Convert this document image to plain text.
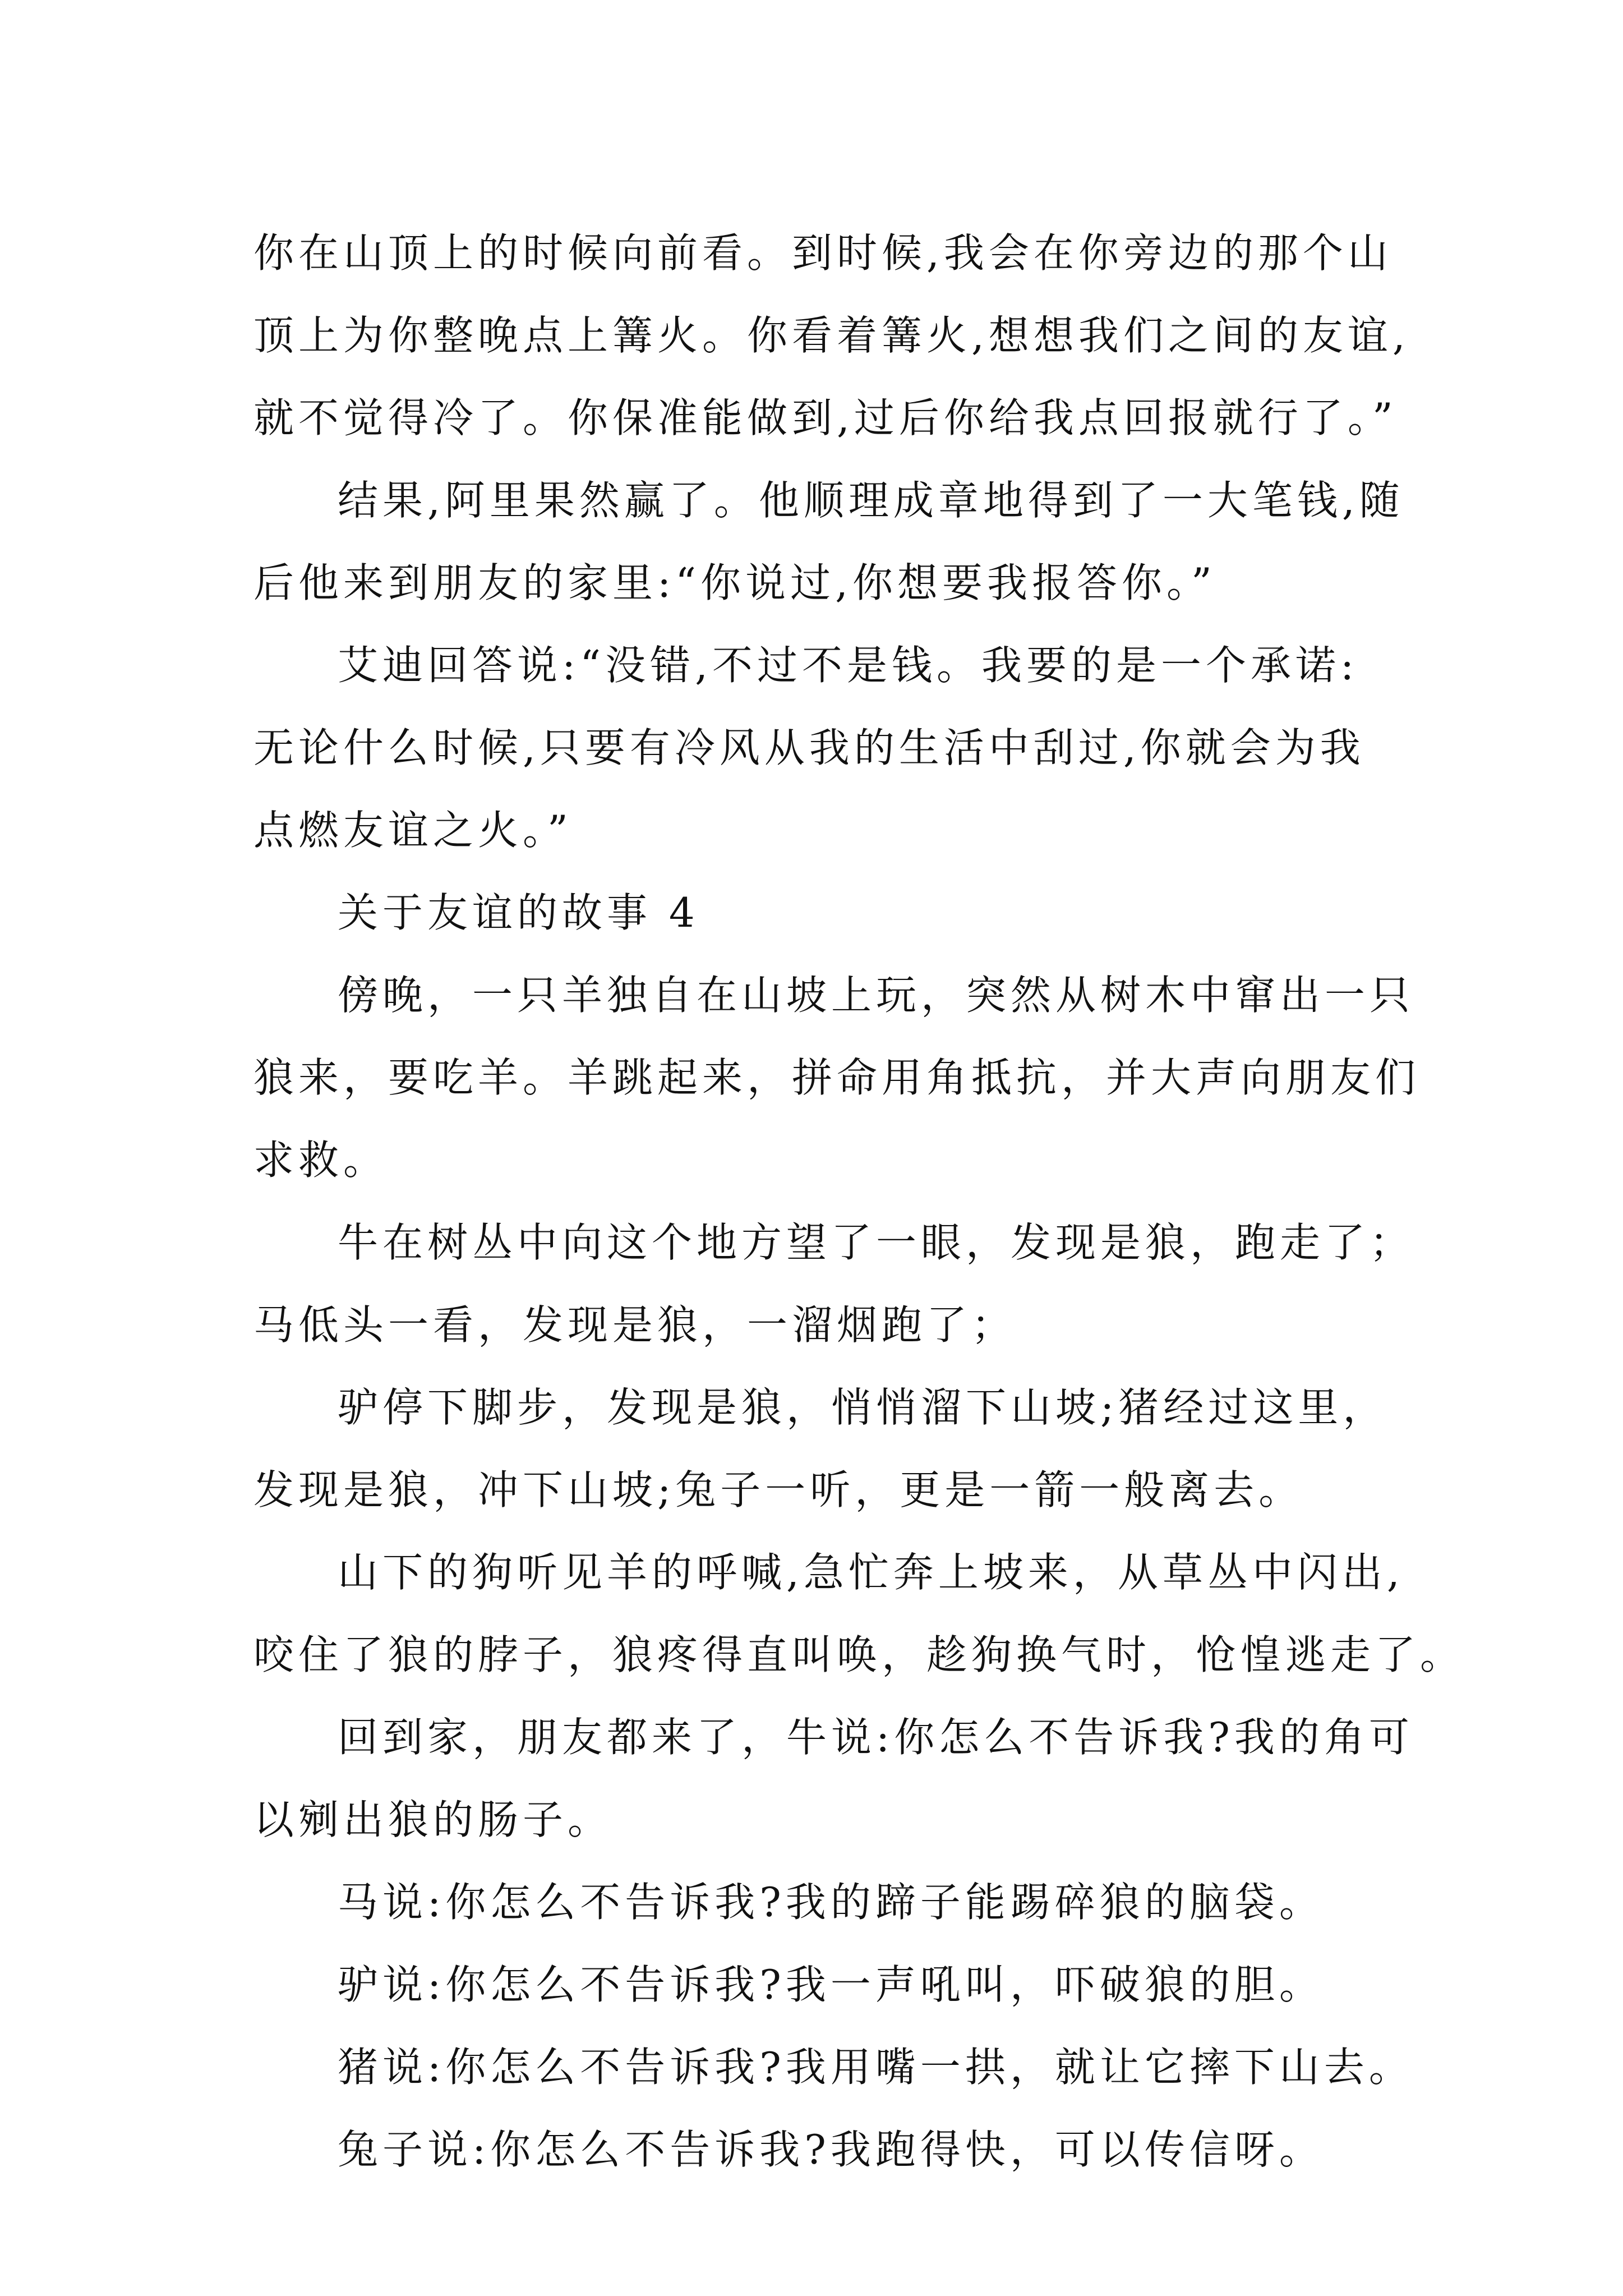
你在山顶上的时候向前看。到时候,我会在你旁边的那个山

顶上为你整晚点上篝火。你看着篝火,想想我们之间的友谊,

就不觉得冷了。你保准能做到,过后你给我点回报就行了。”

结果,阿里果然赢了。他顺理成章地得到了一大笔钱,随

后他来到朋友的家里:“你说过,你想要我报答你。”

艾迪回答说:“没错,不过不是钱。我要的是一个承诺:

无论什么时候,只要有冷风从我的生活中刮过,你就会为我

点燃友谊之火。”

关于友谊的故事 4

傍晚，一只羊独自在山坡上玩，突然从树木中窜出一只

狼来，要吃羊。羊跳起来，拼命用角抵抗，并大声向朋友们

求救。

牛在树丛中向这个地方望了一眼，发现是狼，跑走了；

马低头一看，发现是狼，一溜烟跑了；

驴停下脚步，发现是狼，悄悄溜下山坡;猪经过这里，

发现是狼，冲下山坡;兔子一听，更是一箭一般离去。

山下的狗听见羊的呼喊,急忙奔上坡来，从草丛中闪出,

咬住了狼的脖子，狼疼得直叫唤，趁狗换气时，怆惶逃走了。

回到家，朋友都来了，牛说:你怎么不告诉我?我的角可

以剜出狼的肠子。

马说:你怎么不告诉我?我的蹄子能踢碎狼的脑袋。

驴说:你怎么不告诉我?我一声吼叫，吓破狼的胆。

猪说:你怎么不告诉我?我用嘴一拱，就让它摔下山去。

兔子说:你怎么不告诉我?我跑得快，可以传信呀。
